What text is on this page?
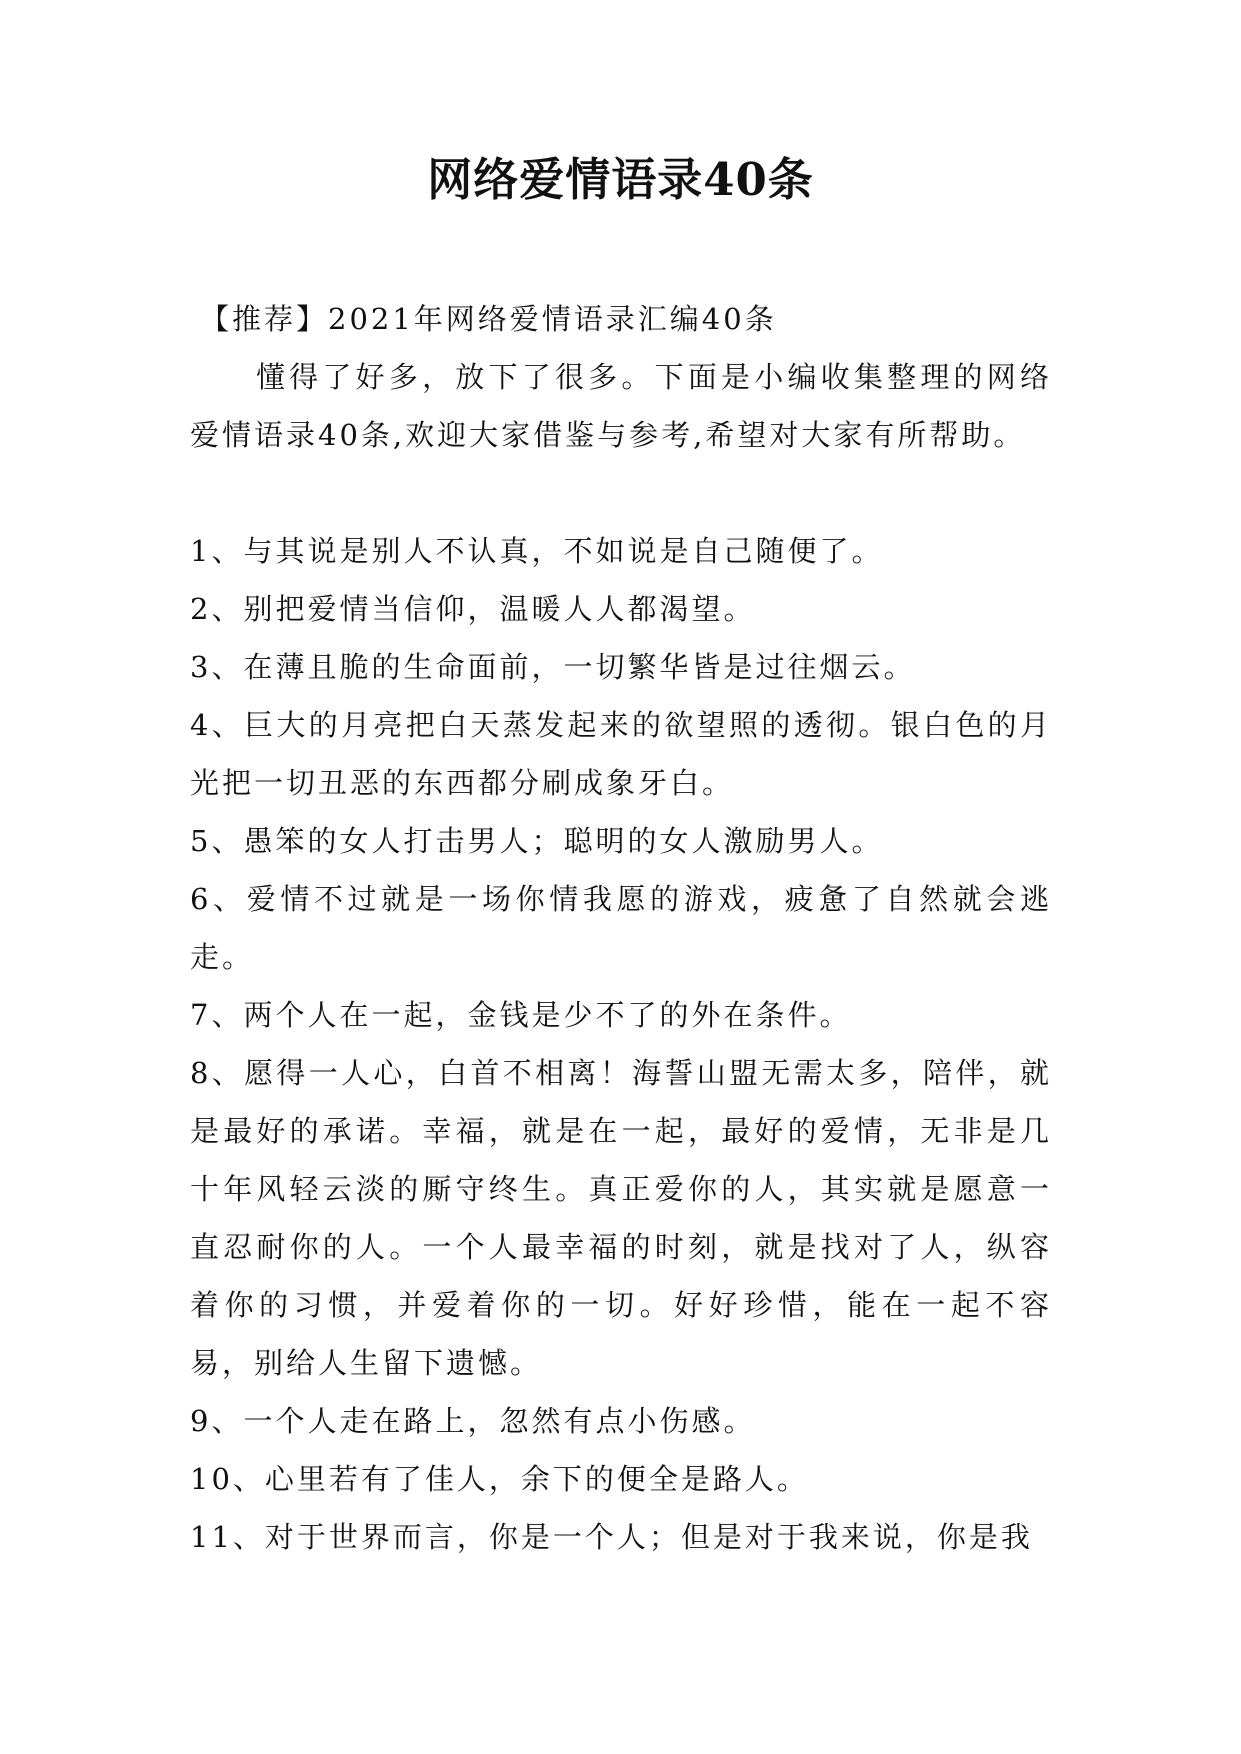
网络爱情语录40条

【推荐】2021年网络爱情语录汇编40条

懂得了好多，放下了很多。下面是小编收集整理的网络爱情语录40条,欢迎大家借鉴与参考,希望对大家有所帮助。

1、与其说是别人不认真，不如说是自己随便了。

2、别把爱情当信仰，温暖人人都渴望。

3、在薄且脆的生命面前，一切繁华皆是过往烟云。

4、巨大的月亮把白天蒸发起来的欲望照的透彻。银白色的月光把一切丑恶的东西都分刷成象牙白。

5、愚笨的女人打击男人；聪明的女人激励男人。

6、爱情不过就是一场你情我愿的游戏，疲惫了自然就会逃走。

7、两个人在一起，金钱是少不了的外在条件。

8、愿得一人心，白首不相离！海誓山盟无需太多，陪伴，就是最好的承诺。幸福，就是在一起，最好的爱情，无非是几十年风轻云淡的厮守终生。真正爱你的人，其实就是愿意一直忍耐你的人。一个人最幸福的时刻，就是找对了人，纵容着你的习惯，并爱着你的一切。好好珍惜，能在一起不容易，别给人生留下遗憾。

9、一个人走在路上，忽然有点小伤感。

10、心里若有了佳人，余下的便全是路人。

11、对于世界而言，你是一个人；但是对于我来说，你是我
